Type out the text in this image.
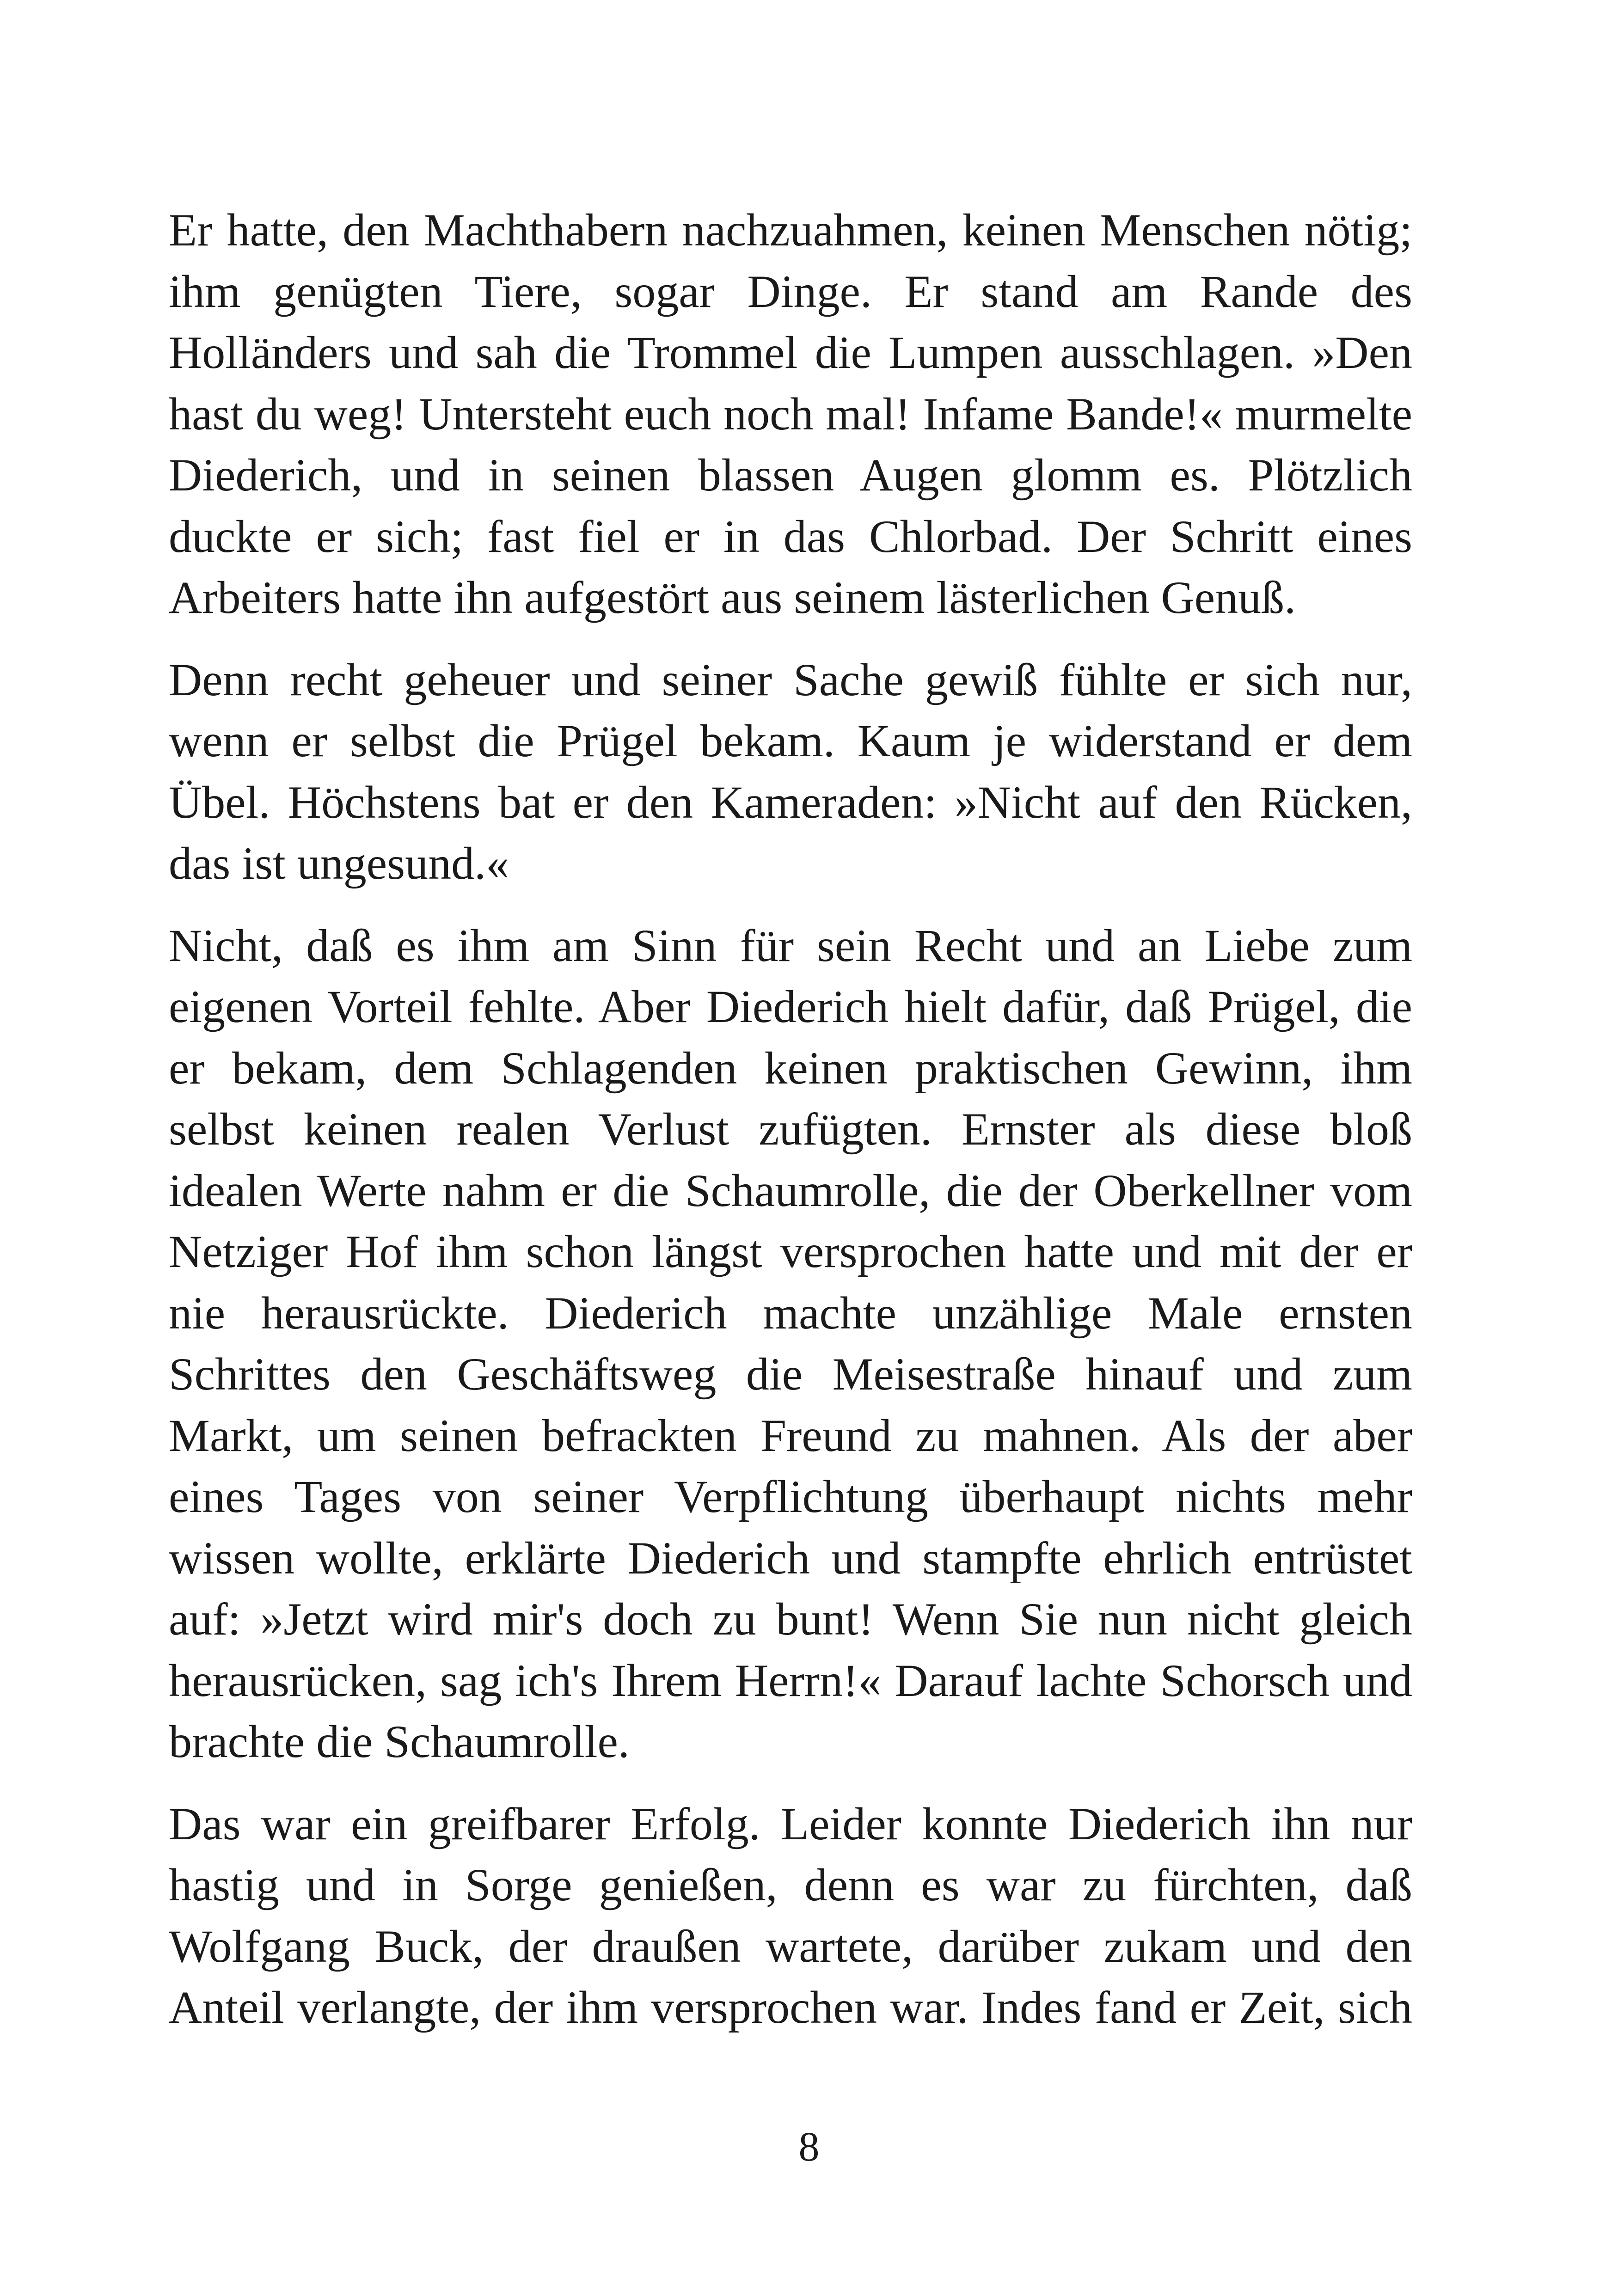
Er hatte, den Machthabern nachzuahmen, keinen Menschen nötig;
ihm genügten Tiere, sogar Dinge. Er stand am Rande des
Holländers und sah die Trommel die Lumpen ausschlagen. »Den
hast du weg! Untersteht euch noch mal! Infame Bande!« murmelte
Diederich, und in seinen blassen Augen glomm es. Plötzlich
duckte er sich; fast fiel er in das Chlorbad. Der Schritt eines
Arbeiters hatte ihn aufgestört aus seinem lästerlichen Genuß.

Denn recht geheuer und seiner Sache gewiß fühlte er sich nur,
wenn er selbst die Prügel bekam. Kaum je widerstand er dem
Übel. Höchstens bat er den Kameraden: »Nicht auf den Rücken,
das ist ungesund.«

Nicht, daß es ihm am Sinn für sein Recht und an Liebe zum
eigenen Vorteil fehlte. Aber Diederich hielt dafür, daß Prügel, die
er bekam, dem Schlagenden keinen praktischen Gewinn, ihm
selbst keinen realen Verlust zufügten. Ernster als diese bloß
idealen Werte nahm er die Schaumrolle, die der Oberkellner vom
Netziger Hof ihm schon längst versprochen hatte und mit der er
nie herausrückte. Diederich machte unzählige Male ernsten
Schrittes den Geschäftsweg die Meisestraße hinauf und zum
Markt, um seinen befrackten Freund zu mahnen. Als der aber
eines Tages von seiner Verpflichtung überhaupt nichts mehr
wissen wollte, erklärte Diederich und stampfte ehrlich entrüstet
auf: »Jetzt wird mir's doch zu bunt! Wenn Sie nun nicht gleich
herausrücken, sag ich's Ihrem Herrn!« Darauf lachte Schorsch und
brachte die Schaumrolle.

Das war ein greifbarer Erfolg. Leider konnte Diederich ihn nur
hastig und in Sorge genießen, denn es war zu fürchten, daß
Wolfgang Buck, der draußen wartete, darüber zukam und den
Anteil verlangte, der ihm versprochen war. Indes fand er Zeit, sich

8
